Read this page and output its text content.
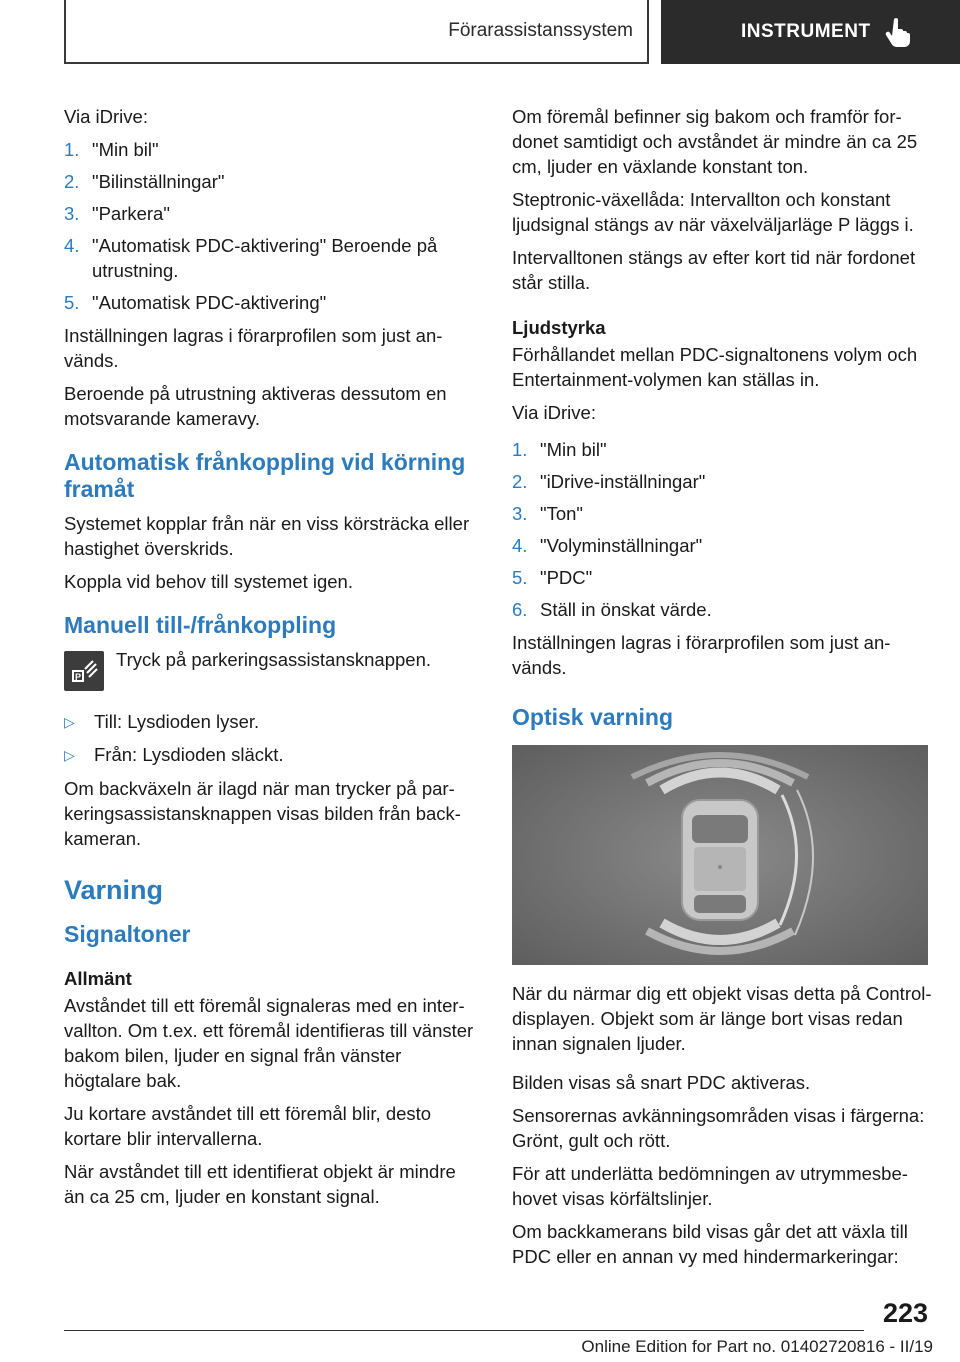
Förarassistanssystem	INSTRUMENT

Via iDrive:

1. "Min bil"
2. "Bilinställningar"
3. "Parkera"
4. "Automatisk PDC-aktivering" Beroende på utrustning.
5. "Automatisk PDC-aktivering"

Inställningen lagras i förarprofilen som just används.

Beroende på utrustning aktiveras dessutom en motsvarande kameravy.

Automatisk frånkoppling vid körning framåt

Systemet kopplar från när en viss körsträcka eller hastighet överskrids.

Koppla vid behov till systemet igen.

Manuell till-/frånkoppling
P
Tryck på parkeringsassistansknappen.
▷	Till: Lysdioden lyser.
▷	Från: Lysdioden släckt.

Om backväxeln är ilagd när man trycker på parkeringsassistansknappen visas bilden från backkameran.

Varning
Signaltoner
Allmänt

Avståndet till ett föremål signaleras med en intervallton. Om t.ex. ett föremål identifieras till vänster bakom bilen, ljuder en signal från vänster högtalare bak.

Ju kortare avståndet till ett föremål blir, desto kortare blir intervallerna.

När avståndet till ett identifierat objekt är mindre än ca 25 cm, ljuder en konstant signal.

Om föremål befinner sig bakom och framför fordonet samtidigt och avståndet är mindre än ca 25 cm, ljuder en växlande konstant ton.

Steptronic-växellåda: Intervallton och konstant ljudsignal stängs av när växelväljarläge P läggs i.

Intervalltonen stängs av efter kort tid när fordonet står stilla.

Ljudstyrka

Förhållandet mellan PDC-signaltonens volym och Entertainment-volymen kan ställas in.

Via iDrive:

1. "Min bil"
2. "iDrive-inställningar"
3. "Ton"
4. "Volyminställningar"
5. "PDC"
6. Ställ in önskat värde.

Inställningen lagras i förarprofilen som just används.

Optisk varning

När du närmar dig ett objekt visas detta på Control-displayen. Objekt som är länge bort visas redan innan signalen ljuder.

Bilden visas så snart PDC aktiveras.

Sensorernas avkänningsområden visas i färgerna: Grönt, gult och rött.

För att underlätta bedömningen av utrymmesbehovet visas körfältslinjer.

Om backkamerans bild visas går det att växla till PDC eller en annan vy med hindermarkeringar:

223
Online Edition for Part no. 01402720816 - II/19
